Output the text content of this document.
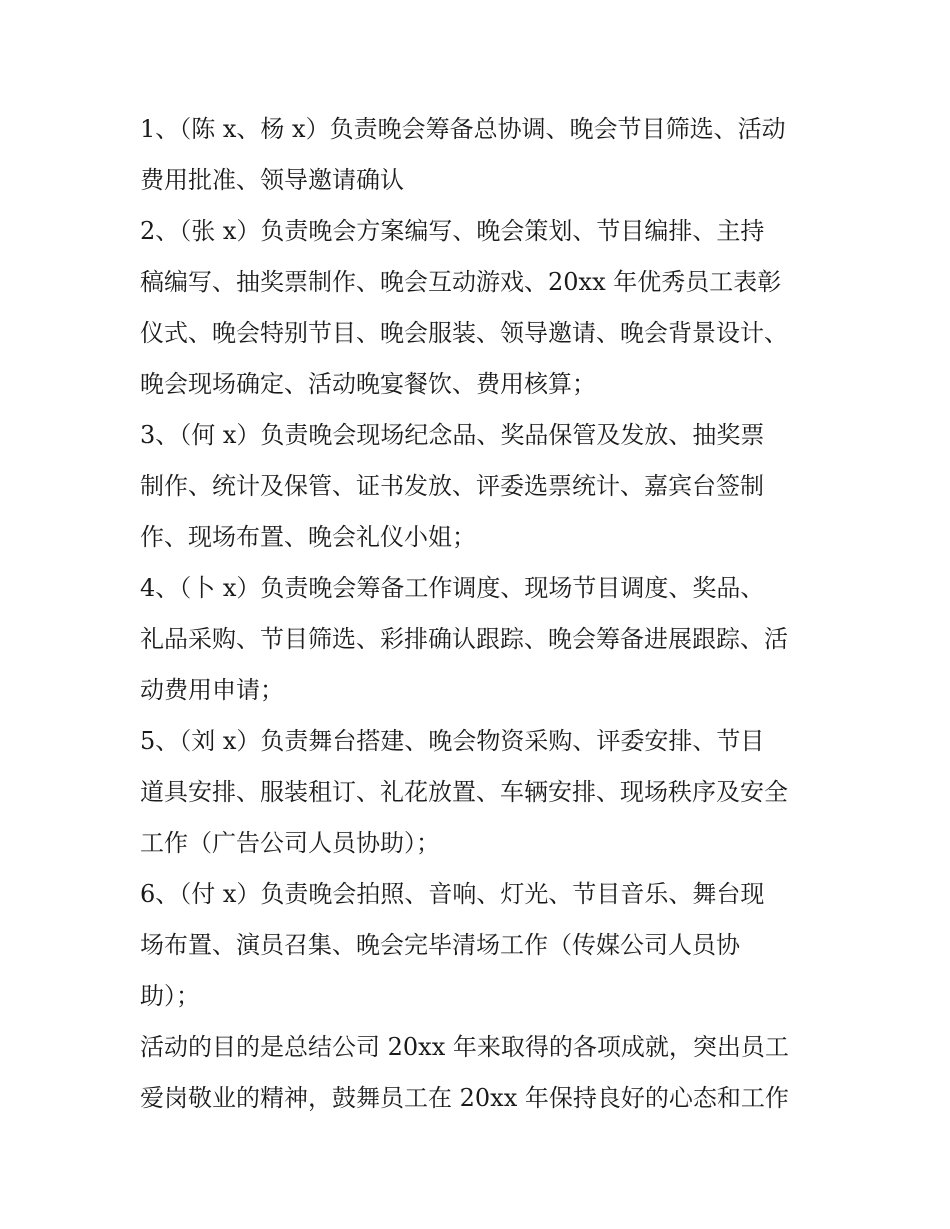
1、（陈 x、杨 x）负责晚会筹备总协调、晚会节目筛选、活动
费用批准、领导邀请确认
2、（张 x）负责晚会方案编写、晚会策划、节目编排、主持
稿编写、抽奖票制作、晚会互动游戏、20xx 年优秀员工表彰
仪式、晚会特别节目、晚会服装、领导邀请、晚会背景设计、
晚会现场确定、活动晚宴餐饮、费用核算；
3、（何 x）负责晚会现场纪念品、奖品保管及发放、抽奖票
制作、统计及保管、证书发放、评委选票统计、嘉宾台签制
作、现场布置、晚会礼仪小姐；
4、（卜 x）负责晚会筹备工作调度、现场节目调度、奖品、
礼品采购、节目筛选、彩排确认跟踪、晚会筹备进展跟踪、活
动费用申请；
5、（刘 x）负责舞台搭建、晚会物资采购、评委安排、节目
道具安排、服装租订、礼花放置、车辆安排、现场秩序及安全
工作（广告公司人员协助）；
6、（付 x）负责晚会拍照、音响、灯光、节目音乐、舞台现
场布置、演员召集、晚会完毕清场工作（传媒公司人员协
助）；
活动的目的是总结公司 20xx 年来取得的各项成就，突出员工
爱岗敬业的精神，鼓舞员工在 20xx 年保持良好的心态和工作
